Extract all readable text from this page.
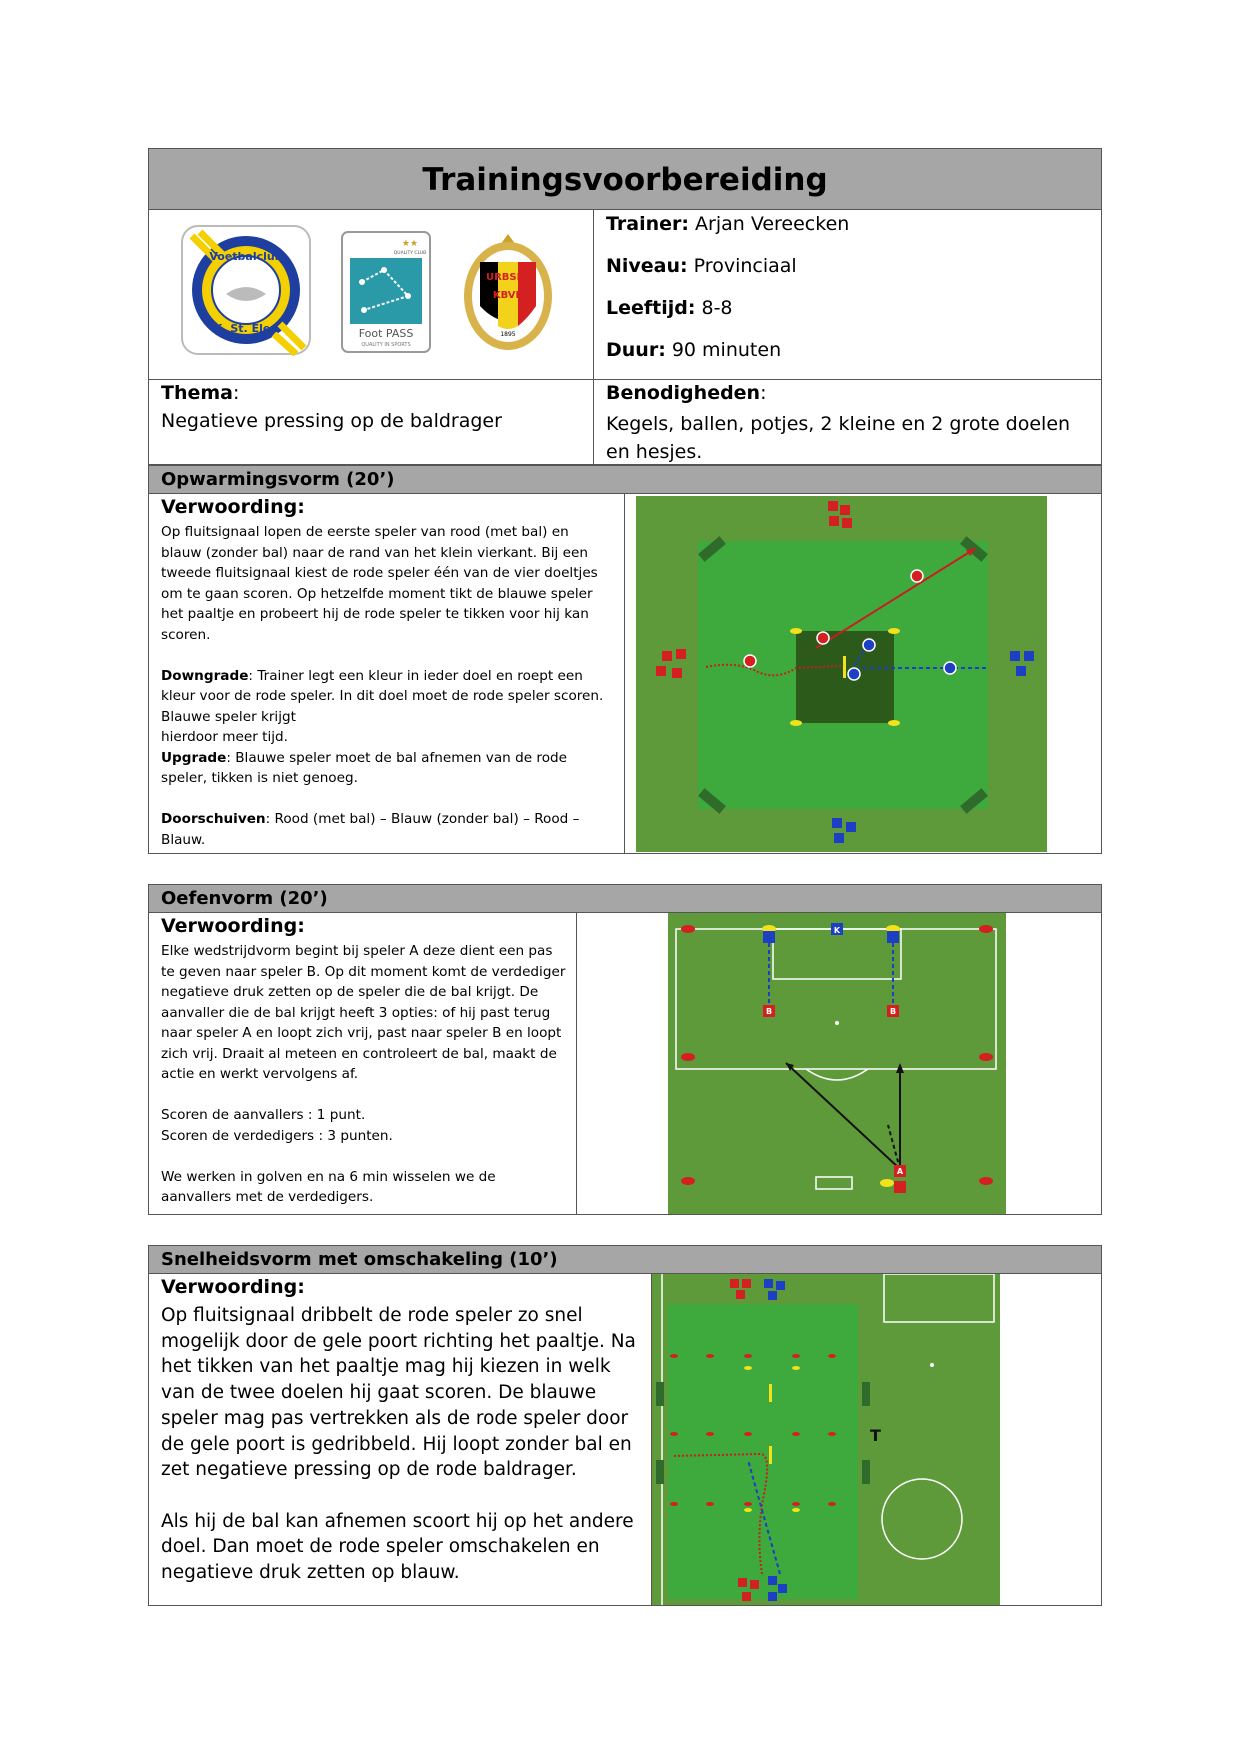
Trainingsvoorbereiding
Voetbalclub
K. St. Elen
★★
QUALITY CLUB
Foot PASS
QUALITY IN SPORTS
URBSFA
KBVB
1895
Trainer: Arjan Vereecken
Niveau: Provinciaal
Leeftijd: 8-8
Duur: 90 minuten
Thema:
Negatieve pressing op de baldrager
Benodigheden:
Kegels, ballen, potjes, 2 kleine en 2 grote doelen en hesjes.
Opwarmingsvorm (20’)
Verwoording:

Op fluitsignaal lopen de eerste speler van rood (met bal) en blauw (zonder bal) naar de rand van het klein vierkant. Bij een tweede fluitsignaal kiest de rode speler één van de vier doeltjes om te gaan scoren. Op hetzelfde moment tikt de blauwe speler het paaltje en probeert hij de rode speler te tikken voor hij kan scoren.

Downgrade: Trainer legt een kleur in ieder doel en roept een kleur voor de rode speler. In dit doel moet de rode speler scoren. Blauwe speler krijgt

hierdoor meer tijd.

Upgrade: Blauwe speler moet de bal afnemen van de rode speler, tikken is niet genoeg.

Doorschuiven: Rood (met bal) – Blauw (zonder bal) – Rood – Blauw.

Oefenvorm (20’)
Verwoording:

Elke wedstrijdvorm begint bij speler A deze dient een pas te geven naar speler B. Op dit moment komt de verdediger negatieve druk zetten op de speler die de bal krijgt. De aanvaller die de bal krijgt heeft 3 opties: of hij past terug naar speler A en loopt zich vrij, past naar speler B en loopt zich vrij. Draait al meteen en controleert de bal, maakt de actie en werkt vervolgens af.

Scoren de aanvallers : 1 punt.

Scoren de verdedigers : 3 punten.

We werken in golven en na 6 min wisselen we de aanvallers met de verdedigers.

K
B	B
A
Snelheidsvorm met omschakeling (10’)
Verwoording:

Op fluitsignaal dribbelt de rode speler zo snel mogelijk door de gele poort richting het paaltje. Na het tikken van het paaltje mag hij kiezen in welk van de twee doelen hij gaat scoren. De blauwe speler mag pas vertrekken als de rode speler door de gele poort is gedribbeld. Hij loopt zonder bal en zet negatieve pressing op de rode baldrager.

Als hij de bal kan afnemen scoort hij op het andere doel. Dan moet de rode speler omschakelen en negatieve druk zetten op blauw.

T
